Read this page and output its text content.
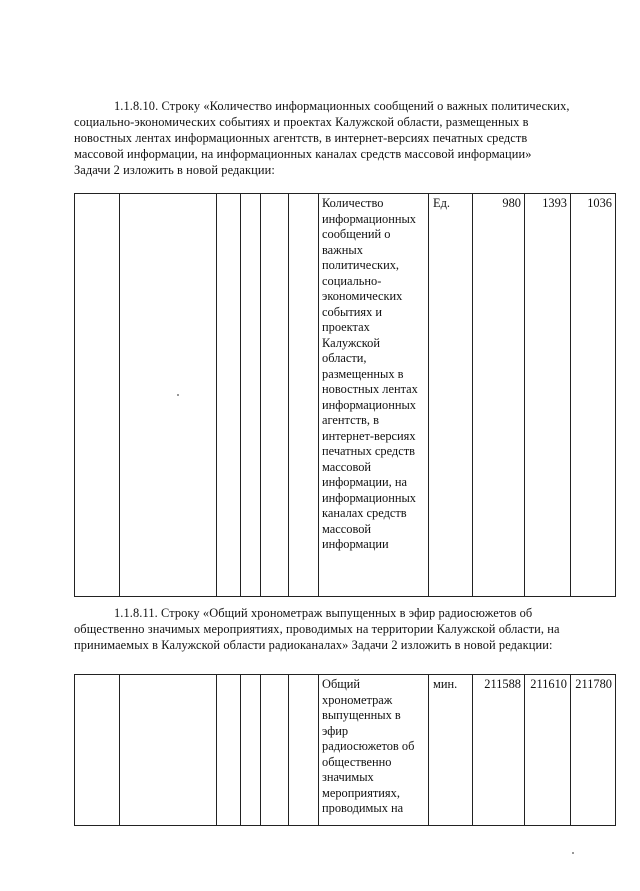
1.1.8.10. Строку «Количество информационных сообщений о важных политических,

социально-экономических событиях и проектах Калужской области, размещенных в

новостных лентах информационных агентств, в интернет-версиях печатных средств

массовой информации, на информационных каналах средств массовой информации»

Задачи 2 изложить в новой редакции:

						Количество информационных сообщений о важных политических, социально-экономических событиях и проектах Калужской области, размещенных в новостных лентах информационных агентств, в интернет-версиях печатных средств массовой информации, на информационных каналах средств массовой информации	Ед.	980	1393	1036

1.1.8.11. Строку «Общий хронометраж выпущенных в эфир радиосюжетов об

общественно значимых мероприятиях, проводимых на территории Калужской области, на

принимаемых в Калужской области радиоканалах» Задачи 2 изложить в новой редакции:

						Общий хронометраж выпущенных в эфир радиосюжетов об общественно значимых мероприятиях, проводимых на	мин.	211588	211610	211780
